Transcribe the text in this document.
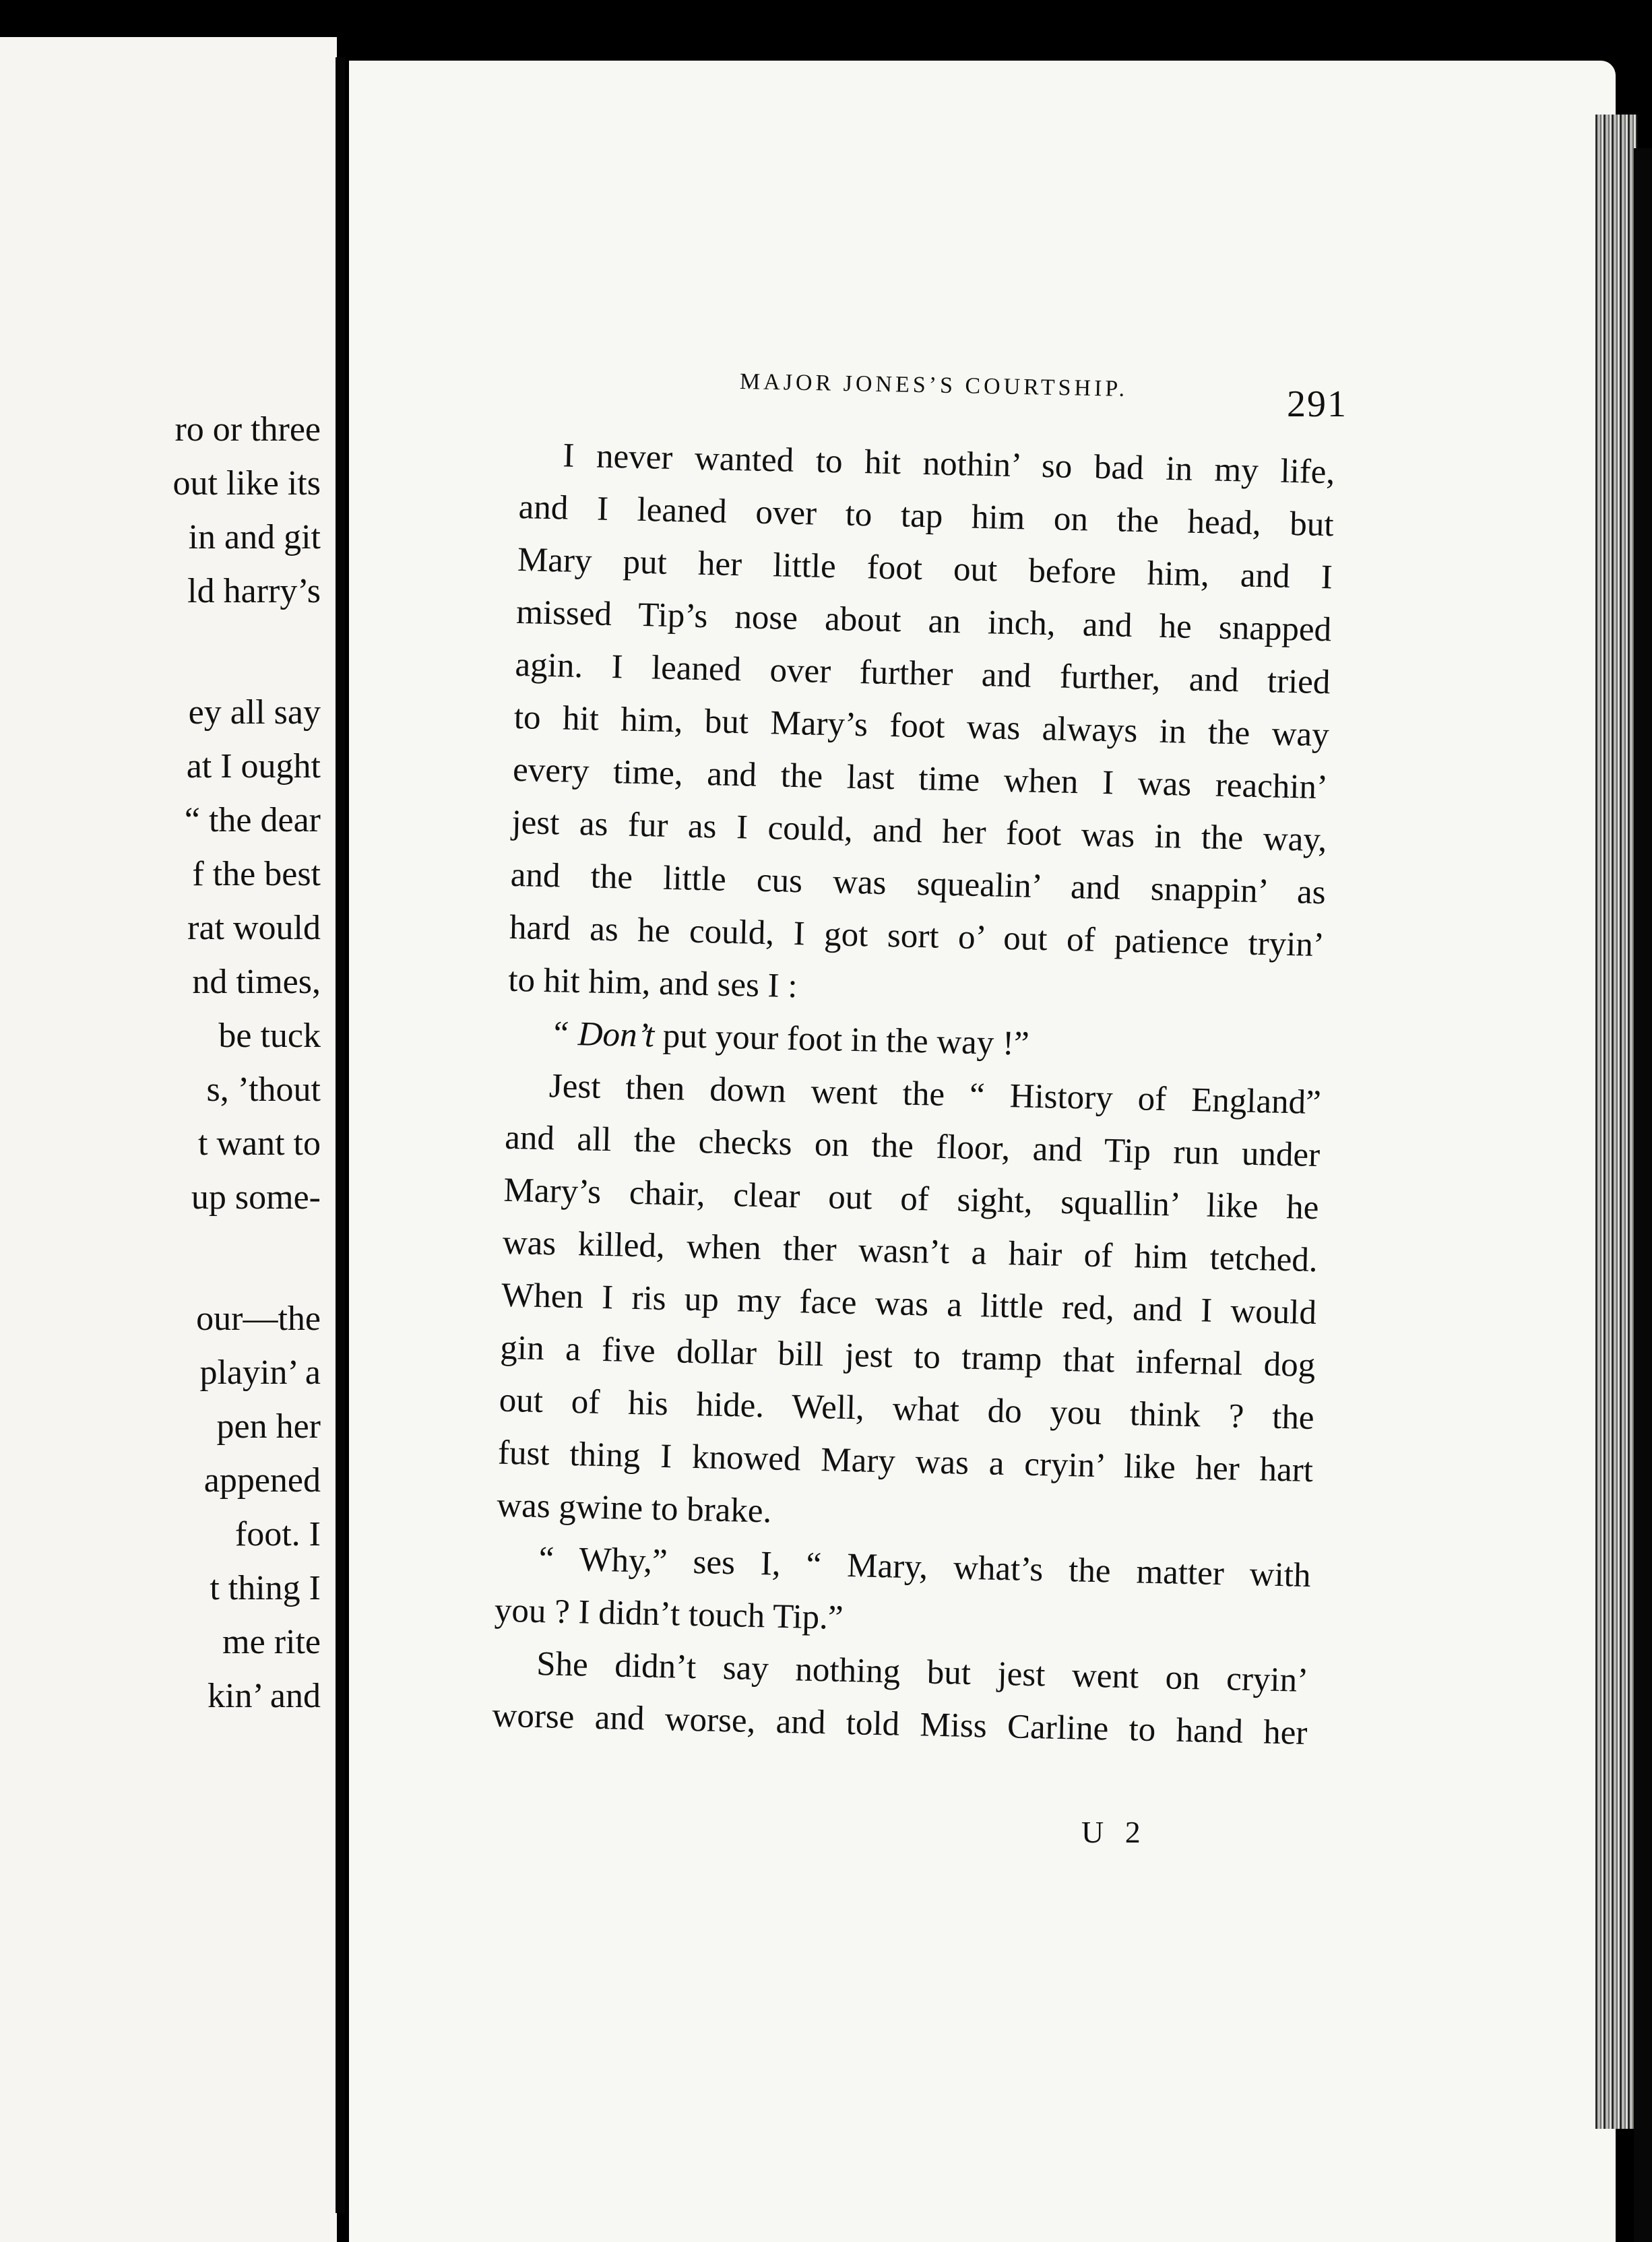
ro or three
out like its
in and git
ld harry’s
ey all say
at I ought
“ the dear
f the best
rat would
nd times,
be tuck
s, ’thout
t want to
up some-
our—the
playin’ a
pen her
appened
foot. I
t thing I
me rite
kin’ and
MAJOR JONES’S COURTSHIP.	291
I never wanted to hit nothin’ so bad in my life,
and I leaned over to tap him on the head, but
Mary put her little foot out before him, and I
missed Tip’s nose about an inch, and he snapped
agin. I leaned over further and further, and tried
to hit him, but Mary’s foot was always in the way
every time, and the last time when I was reachin’
jest as fur as I could, and her foot was in the way,
and the little cus was squealin’ and snappin’ as
hard as he could, I got sort o’ out of patience tryin’
to hit him, and ses I :
“ Don’t put your foot in the way !”
Jest then down went the “ History of England”
and all the checks on the floor, and Tip run under
Mary’s chair, clear out of sight, squallin’ like he
was killed, when ther wasn’t a hair of him tetched.
When I ris up my face was a little red, and I would
gin a five dollar bill jest to tramp that infernal dog
out of his hide. Well, what do you think ? the
fust thing I knowed Mary was a cryin’ like her hart
was gwine to brake.
“ Why,” ses I, “ Mary, what’s the matter with
you ? I didn’t touch Tip.”
She didn’t say nothing but jest went on cryin’
worse and worse, and told Miss Carline to hand her
U 2
